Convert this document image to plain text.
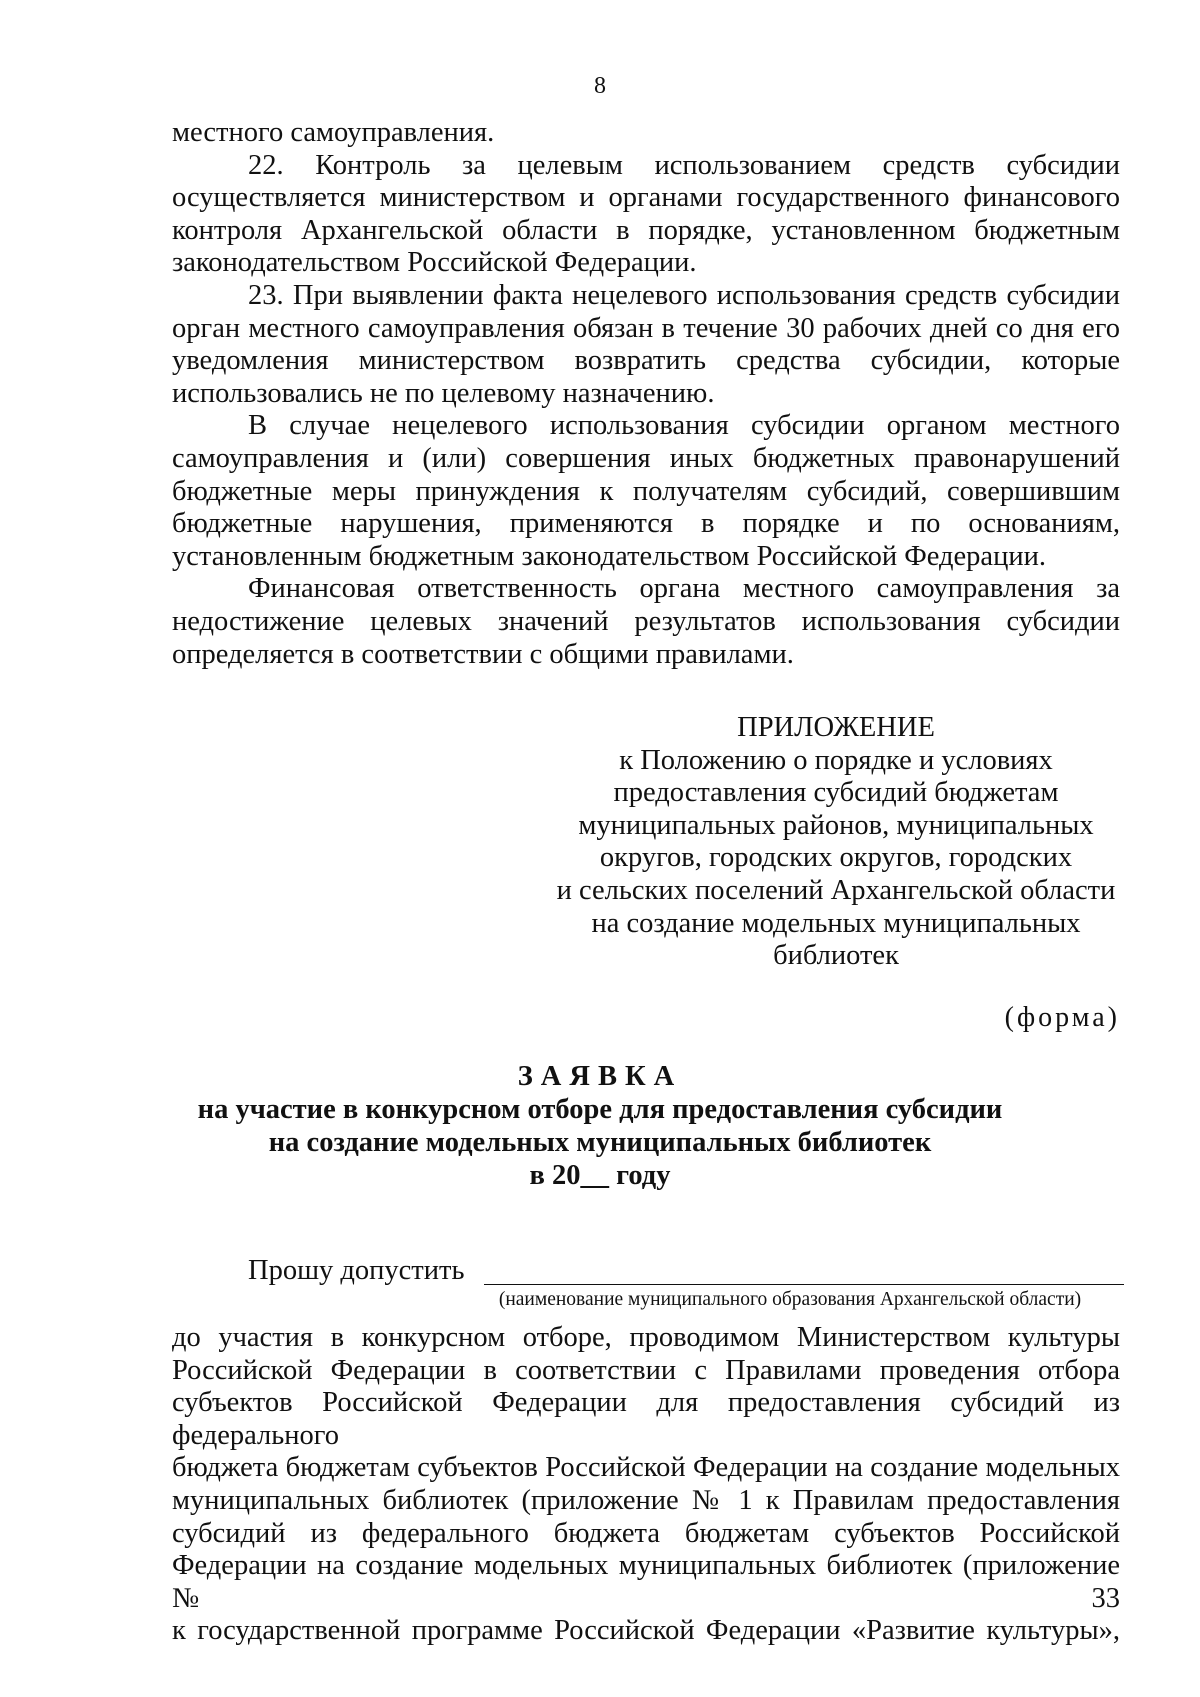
8

местного самоуправления.

22. Контроль за целевым использованием средств субсидии осуществляется министерством и органами государственного финансового контроля Архангельской области в порядке, установленном бюджетным законодательством Российской Федерации.

23. При выявлении факта нецелевого использования средств субсидии орган местного самоуправления обязан в течение 30 рабочих дней со дня его уведомления министерством возвратить средства субсидии, которые использовались не по целевому назначению.

В случае нецелевого использования субсидии органом местного самоуправления и (или) совершения иных бюджетных правонарушений бюджетные меры принуждения к получателям субсидий, совершившим бюджетные нарушения, применяются в порядке и по основаниям, установленным бюджетным законодательством Российской Федерации.

Финансовая ответственность органа местного самоуправления за недостижение целевых значений результатов использования субсидии определяется в соответствии с общими правилами.

ПРИЛОЖЕНИЕ
к Положению о порядке и условиях
предоставления субсидий бюджетам
муниципальных районов, муниципальных
округов, городских округов, городских
и сельских поселений Архангельской области
на создание модельных муниципальных
библиотек
(форма)
ЗАЯВКА
на участие в конкурсном отборе для предоставления субсидии
на создание модельных муниципальных библиотек
в 20__ году
Прошу допустить
(наименование муниципального образования Архангельской области)

до участия в конкурсном отборе, проводимом Министерством культуры

Российской Федерации в соответствии с Правилами проведения отбора

субъектов Российской Федерации для предоставления субсидий из федерального

бюджета бюджетам субъектов Российской Федерации на создание модельных

муниципальных библиотек (приложение № 1 к Правилам предоставления

субсидий из федерального бюджета бюджетам субъектов Российской

Федерации на создание модельных муниципальных библиотек (приложение № 33

к государственной программе Российской Федерации «Развитие культуры»,
